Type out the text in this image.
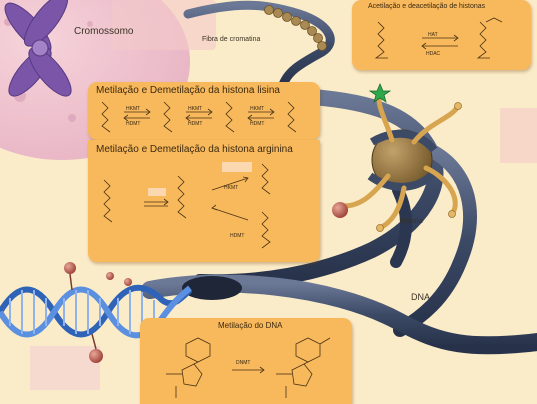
Cromossomo
Fibra de cromatina
histona
DNA
Acetilação e deacetilação de histonas
HAT
HDAC
Metilação e Demetilação da histona lisina
HKMT
HDMT
HKMT
HDMT
HKMT
HDMT
Metilação e Demetilação da histona arginina
HKMT
HDMT
Metilação do DNA
DNMT
